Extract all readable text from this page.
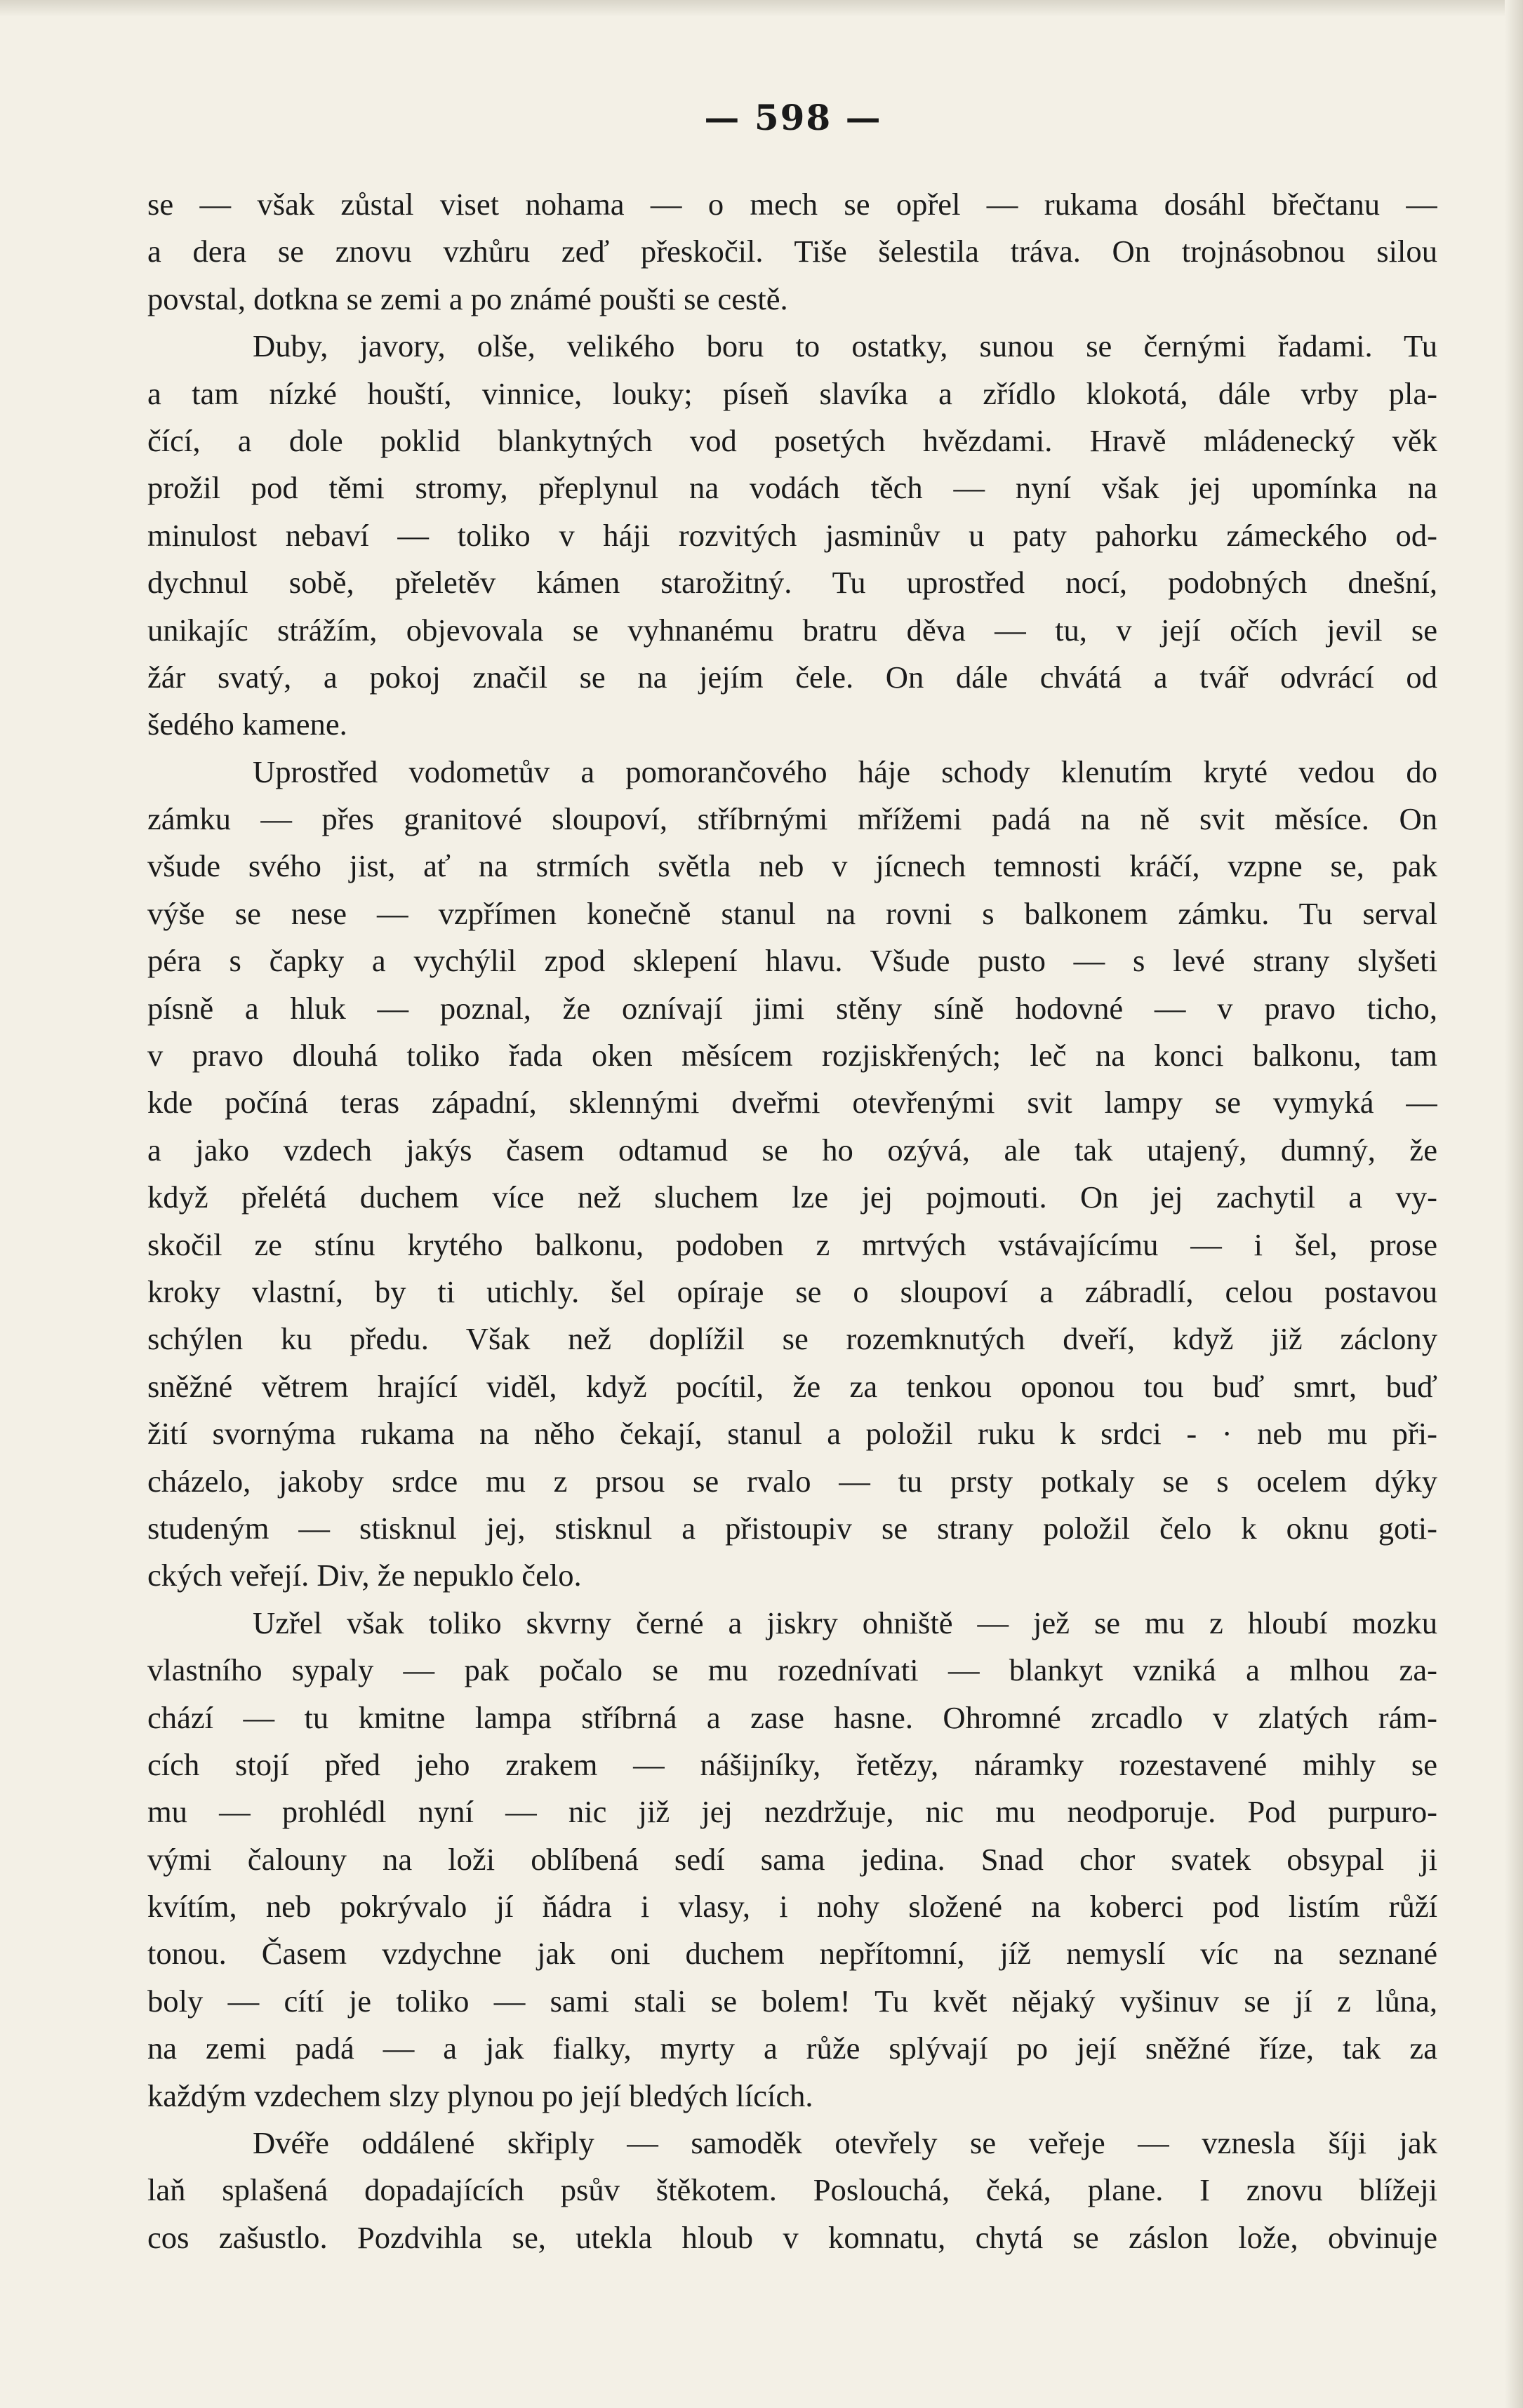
— 598 —
se — však zůstal viset nohama — o mech se opřel — rukama dosáhl břečtanu —
a dera se znovu vzhůru zeď přeskočil. Tiše šelestila tráva. On trojnásobnou silou
povstal, dotkna se zemi a po známé poušti se cestě.
Duby, javory, olše, velikého boru to ostatky, sunou se černými řadami. Tu
a tam nízké houští, vinnice, louky; píseň slavíka a zřídlo klokotá, dále vrby pla-
čící, a dole poklid blankytných vod posetých hvězdami. Hravě mládenecký věk
prožil pod těmi stromy, přeplynul na vodách těch — nyní však jej upomínka na
minulost nebaví — toliko v háji rozvitých jasminův u paty pahorku zámeckého od-
dychnul sobě, přeletěv kámen starožitný. Tu uprostřed nocí, podobných dnešní,
unikajíc strážím, objevovala se vyhnanému bratru děva — tu, v její očích jevil se
žár svatý, a pokoj značil se na jejím čele. On dále chvátá a tvář odvrácí od
šedého kamene.
Uprostřed vodometův a pomorančového háje schody klenutím kryté vedou do
zámku — přes granitové sloupoví, stříbrnými mřížemi padá na ně svit měsíce. On
všude svého jist, ať na strmích světla neb v jícnech temnosti kráčí, vzpne se, pak
výše se nese — vzpřímen konečně stanul na rovni s balkonem zámku. Tu serval
péra s čapky a vychýlil zpod sklepení hlavu. Všude pusto — s levé strany slyšeti
písně a hluk — poznal, že oznívají jimi stěny síně hodovné — v pravo ticho,
v pravo dlouhá toliko řada oken měsícem rozjiskřených; leč na konci balkonu, tam
kde počíná teras západní, sklennými dveřmi otevřenými svit lampy se vymyká —
a jako vzdech jakýs časem odtamud se ho ozývá, ale tak utajený, dumný, že
když přelétá duchem více než sluchem lze jej pojmouti. On jej zachytil a vy-
skočil ze stínu krytého balkonu, podoben z mrtvých vstávajícímu — i šel, prose
kroky vlastní, by ti utichly. šel opíraje se o sloupoví a zábradlí, celou postavou
schýlen ku předu. Však než doplížil se rozemknutých dveří, když již záclony
sněžné větrem hrající viděl, když pocítil, že za tenkou oponou tou buď smrt, buď
žití svornýma rukama na něho čekají, stanul a položil ruku k srdci - · neb mu při-
cházelo, jakoby srdce mu z prsou se rvalo — tu prsty potkaly se s ocelem dýky
studeným — stisknul jej, stisknul a přistoupiv se strany položil čelo k oknu goti-
ckých veřejí. Div, že nepuklo čelo.
Uzřel však toliko skvrny černé a jiskry ohniště — jež se mu z hloubí mozku
vlastního sypaly — pak počalo se mu rozednívati — blankyt vzniká a mlhou za-
chází — tu kmitne lampa stříbrná a zase hasne. Ohromné zrcadlo v zlatých rám-
cích stojí před jeho zrakem — nášijníky, řetězy, náramky rozestavené mihly se
mu — prohlédl nyní — nic již jej nezdržuje, nic mu neodporuje. Pod purpuro-
vými čalouny na loži oblíbená sedí sama jedina. Snad chor svatek obsypal ji
kvítím, neb pokrývalo jí ňádra i vlasy, i nohy složené na koberci pod listím růží
tonou. Časem vzdychne jak oni duchem nepřítomní, jíž nemyslí víc na seznané
boly — cítí je toliko — sami stali se bolem! Tu květ nějaký vyšinuv se jí z lůna,
na zemi padá — a jak fialky, myrty a růže splývají po její sněžné říze, tak za
každým vzdechem slzy plynou po její bledých lících.
Dvéře oddálené skřiply — samoděk otevřely se veřeje — vznesla šíji jak
laň splašená dopadajících psův štěkotem. Poslouchá, čeká, plane. I znovu blížeji
cos zašustlo. Pozdvihla se, utekla hloub v komnatu, chytá se záslon lože, obvinuje
